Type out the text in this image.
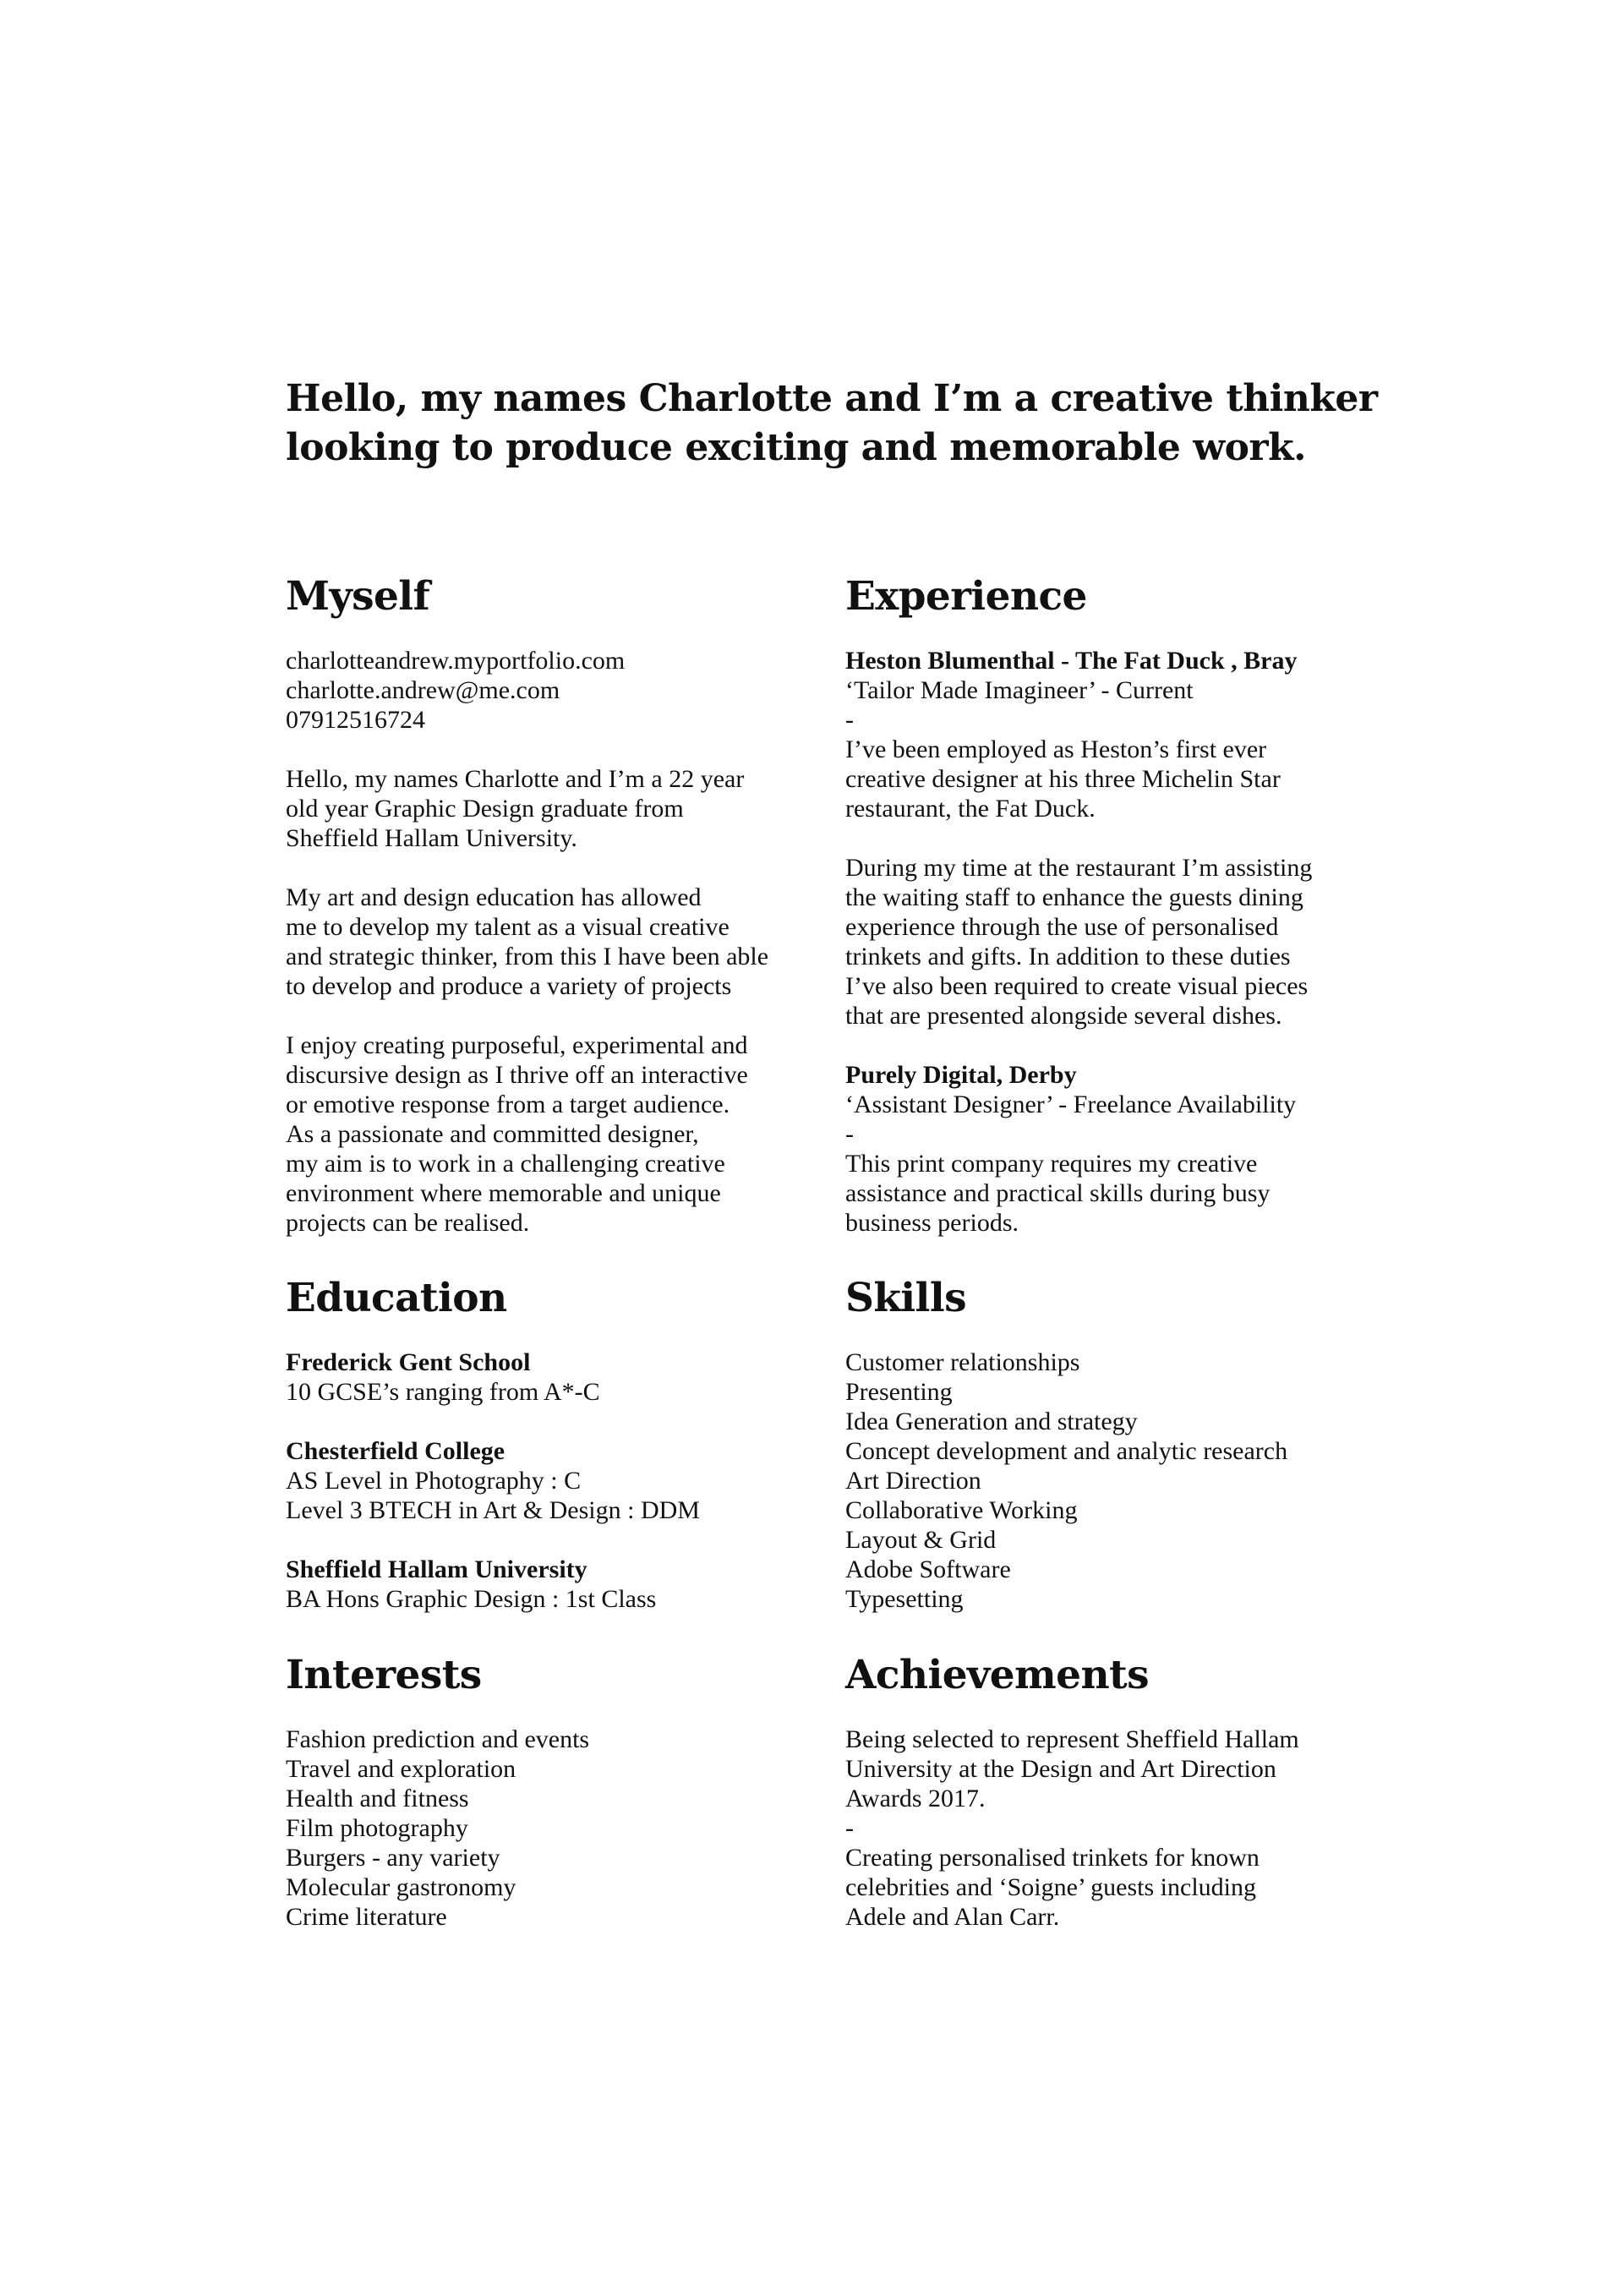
Hello, my names Charlotte and I’m a creative thinker
looking to produce exciting and memorable work.
Myself
charlotteandrew.myportfolio.com
charlotte.andrew@me.com
07912516724
Hello, my names Charlotte and I’m a 22 year
old year Graphic Design graduate from
Sheffield Hallam University.
My art and design education has allowed
me to develop my talent as a visual creative
and strategic thinker, from this I have been able
to develop and produce a variety of projects
I enjoy creating purposeful, experimental and
discursive design as I thrive off an interactive
or emotive response from a target audience.
As a passionate and committed designer,
my aim is to work in a challenging creative
environment where memorable and unique
projects can be realised.
Experience
Heston Blumenthal - The Fat Duck , Bray
‘Tailor Made Imagineer’ - Current
-
I’ve been employed as Heston’s first ever
creative designer at his three Michelin Star
restaurant, the Fat Duck.
During my time at the restaurant I’m assisting
the waiting staff to enhance the guests dining
experience through the use of personalised
trinkets and gifts. In addition to these duties
I’ve also been required to create visual pieces
that are presented alongside several dishes.
Purely Digital, Derby
‘Assistant Designer’ - Freelance Availability
-
This print company requires my creative
assistance and practical skills during busy
business periods.
Education
Frederick Gent School
10 GCSE’s ranging from A*-C
Chesterfield College
AS Level in Photography : C
Level 3 BTECH in Art & Design : DDM
Sheffield Hallam University
BA Hons Graphic Design : 1st Class
Skills
Customer relationships
Presenting
Idea Generation and strategy
Concept development and analytic research
Art Direction
Collaborative Working
Layout & Grid
Adobe Software
Typesetting
Interests
Fashion prediction and events
Travel and exploration
Health and fitness
Film photography
Burgers - any variety
Molecular gastronomy
Crime literature
Achievements
Being selected to represent Sheffield Hallam
University at the Design and Art Direction
Awards 2017.
-
Creating personalised trinkets for known
celebrities and ‘Soigne’ guests including
Adele and Alan Carr.
